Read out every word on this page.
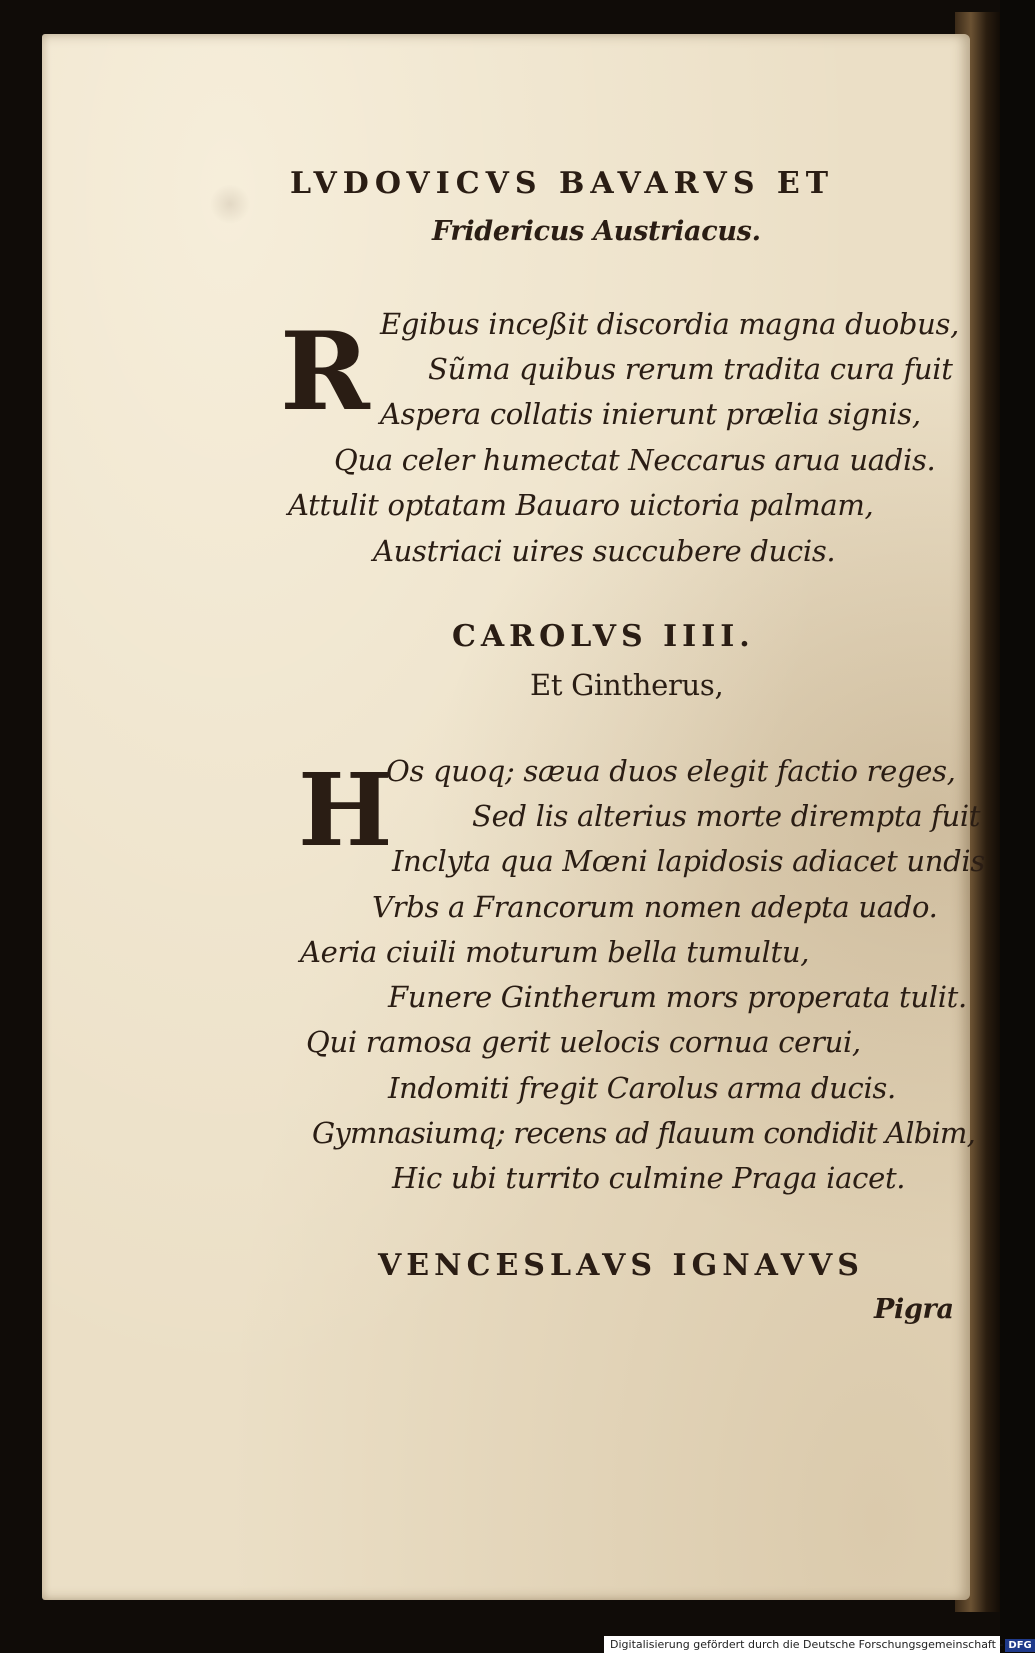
LVDOVICVS BAVARVS ET
Fridericus Austriacus.
R Egibus inceßit discordia magna duobus,
Sũma quibus rerum tradita cura fuit
Aspera collatis inierunt prælia signis,
Qua celer humectat Neccarus arua uadis.
Attulit optatam Bauaro uictoria palmam,
Austriaci uires succubere ducis.
CAROLVS IIII.
Et Gintherus,
H
Os quoq; sæua duos elegit factio reges,
Sed lis alterius morte dirempta fuit
Inclyta qua Mœni lapidosis adiacet undis
Vrbs a Francorum nomen adepta uado.
Aeria ciuili moturum bella tumultu,
Funere Gintherum mors properata tulit.
Qui ramosa gerit uelocis cornua cerui,
Indomiti fregit Carolus arma ducis.
Gymnasiumq; recens ad flauum condidit Albim,
Hic ubi turrito culmine Praga iacet.
VENCESLAVS IGNAVVS
Pigra
Digitalisierung gefördert durch die Deutsche Forschungsgemeinschaft - DFG
